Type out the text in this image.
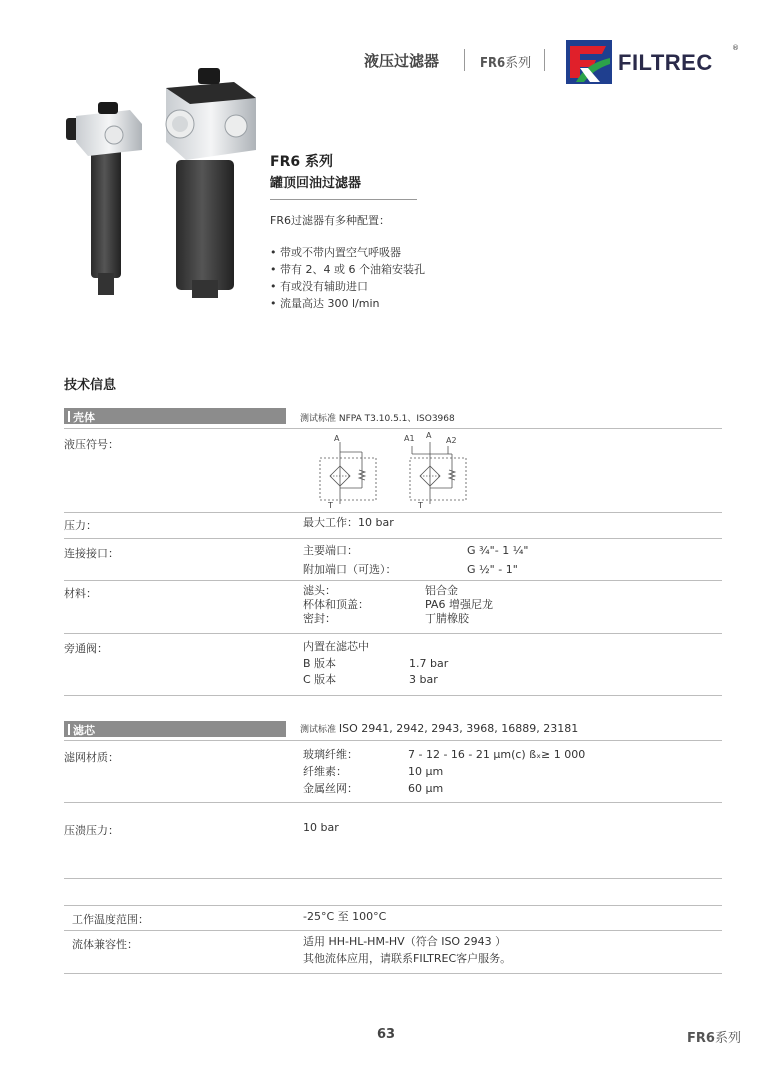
液压过滤器	FR6系列	FILTREC
®
FR6 系列
罐顶回油过滤器
FR6过滤器有多种配置：
• 带或不带内置空气呼吸器
• 带有 2、4 或 6 个油箱安装孔
• 有或没有辅助进口
• 流量高达 300 l/min
技术信息
壳体	测试标准 NFPA T3.10.5.1、ISO3968
液压符号：	A	A1 A
A2
T	T
压力：	最大工作：10 bar
连接接口：	主要端口：	G ¾"- 1 ¼"
附加端口（可选）：	G ½" - 1"
材料：	滤头：	铝合金
杯体和顶盖：	PA6 增强尼龙
密封：	丁腈橡胶
旁通阀：	内置在滤芯中
B 版本	1.7 bar
C 版本	3 bar
滤芯	测试标准 ISO 2941, 2942, 2943, 3968, 16889, 23181
滤网材质：	玻璃纤维：	7 - 12 - 16 - 21 µm(c) ßₓ≥ 1 000
纤维素：	10 µm
金属丝网：	60 µm
压溃压力：	10 bar
工作温度范围：	-25°C 至 100°C
流体兼容性：	适用 HH-HL-HM-HV（符合 ISO 2943 ）
其他流体应用，请联系FILTREC客户服务。
63	FR6系列
